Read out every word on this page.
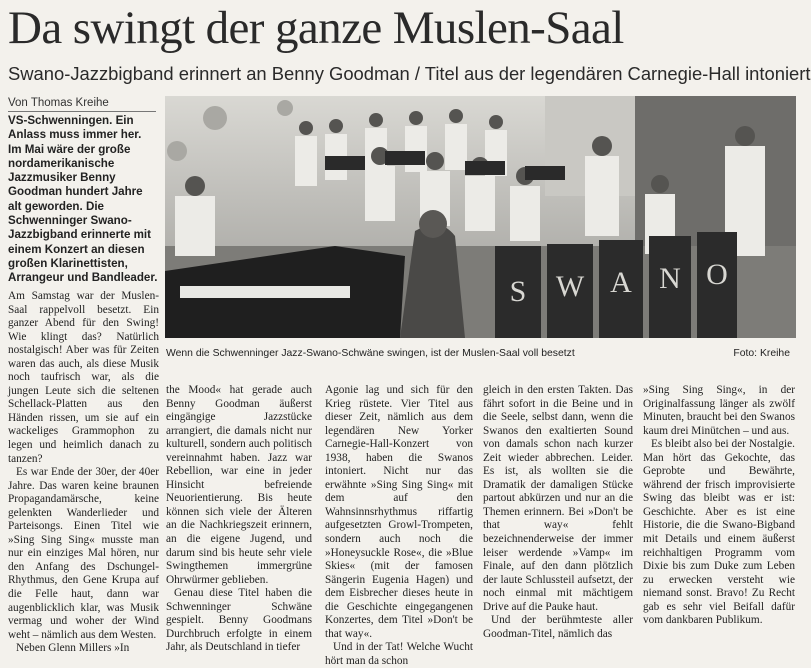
Da swingt der ganze Muslen-Saal
Swano-Jazzbigband erinnert an Benny Goodman / Titel aus der legendären Carnegie-Hall intoniert
Von Thomas Kreihe

VS-Schwenningen. Ein Anlass muss immer her. Im Mai wäre der große nordamerikanische Jazzmusiker Benny Goodman hundert Jahre alt geworden. Die Schwenninger Swano-Jazzbigband erinnerte mit einem Konzert an diesen großen Klarinettisten, Arrangeur und Bandleader.	S W A N O
Wenn die Schwenninger Jazz-Swano-Schwäne swingen, ist der Muslen-Saal voll besetzt	Foto: Kreihe

Am Samstag war der Muslen-Saal rappelvoll besetzt. Ein ganzer Abend für den Swing! Wie klingt das? Natürlich nostalgisch! Aber was für Zeiten waren das auch, als diese Musik noch taufrisch war, als die jungen Leute sich die seltenen Schellack-Platten aus den Händen rissen, um sie auf ein wackeliges Grammophon zu legen und heimlich danach zu tanzen?

Es war Ende der 30er, der 40er Jahre. Das waren keine braunen Propagandamärsche, keine gelenkten Wanderlieder und Parteisongs. Einen Titel wie »Sing Sing Sing« musste man nur ein einziges Mal hören, nur den Anfang des Dschungel-Rhythmus, den Gene Krupa auf die Felle haut, dann war augenblicklich klar, was Musik vermag und woher der Wind weht – nämlich aus dem Westen.

Neben Glenn Millers »In

the Mood« hat gerade auch Benny Goodman äußerst eingängige Jazzstücke arrangiert, die damals nicht nur kulturell, sondern auch politisch vereinnahmt haben. Jazz war Rebellion, war eine in jeder Hinsicht befreiende Neuorientierung. Bis heute können sich viele der Älteren an die Nachkriegszeit erinnern, an die eigene Jugend, und darum sind bis heute sehr viele Swingthemen immergrüne Ohrwürmer geblieben.

Genau diese Titel haben die Schwenninger Schwäne gespielt. Benny Goodmans Durchbruch erfolgte in einem Jahr, als Deutschland in tiefer

Agonie lag und sich für den Krieg rüstete. Vier Titel aus dieser Zeit, nämlich aus dem legendären New Yorker Carnegie-Hall-Konzert von 1938, haben die Swanos intoniert. Nicht nur das erwähnte »Sing Sing Sing« mit dem auf den Wahnsinnsrhythmus riffartig aufgesetzten Growl-Trompeten, sondern auch noch die »Honeysuckle Rose«, die »Blue Skies« (mit der famosen Sängerin Eugenia Hagen) und dem Eisbrecher dieses heute in die Geschichte eingegangenen Konzertes, dem Titel »Don't be that way«.

Und in der Tat! Welche Wucht hört man da schon

gleich in den ersten Takten. Das fährt sofort in die Beine und in die Seele, selbst dann, wenn die Swanos den exaltierten Sound von damals schon nach kurzer Zeit wieder abbrechen. Leider. Es ist, als wollten sie die Dramatik der damaligen Stücke partout abkürzen und nur an die Themen erinnern. Bei »Don't be that way« fehlt bezeichnenderweise der immer leiser werdende »Vamp« im Finale, auf den dann plötzlich der laute Schlussteil aufsetzt, der noch einmal mit mächtigem Drive auf die Pauke haut.

Und der berühmteste aller Goodman-Titel, nämlich das

»Sing Sing Sing«, in der Originalfassung länger als zwölf Minuten, braucht bei den Swanos kaum drei Minütchen – und aus.

Es bleibt also bei der Nostalgie. Man hört das Gekochte, das Geprobte und Bewährte, während der frisch improvisierte Swing das bleibt was er ist: Geschichte. Aber es ist eine Historie, die die Swano-Bigband mit Details und einem äußerst reichhaltigen Programm vom Dixie bis zum Duke zum Leben zu erwecken versteht wie niemand sonst. Bravo! Zu Recht gab es sehr viel Beifall dafür vom dankbaren Publikum.
